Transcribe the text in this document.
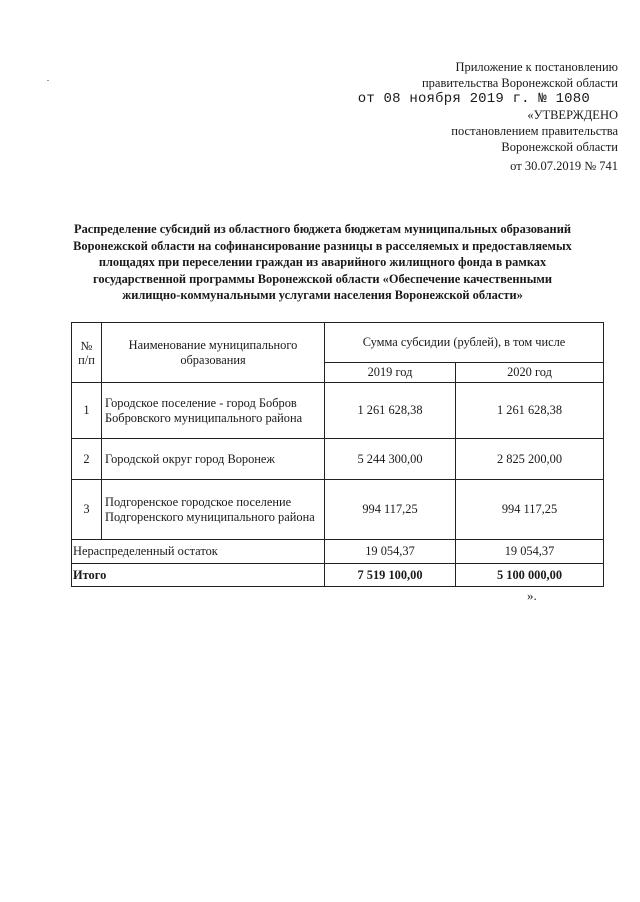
Приложение к постановлению
правительства Воронежской области
от 08 ноября 2019 г. № 1080
«УТВЕРЖДЕНО
постановлением правительства
Воронежской области
от 30.07.2019 № 741
Распределение субсидий из областного бюджета бюджетам муниципальных образований Воронежской области на софинансирование разницы в расселяемых и предоставляемых площадях при переселении граждан из аварийного жилищного фонда в рамках государственной программы Воронежской области «Обеспечение качественными жилищно-коммунальными услугами населения Воронежской области»
№ п/п	Наименование муниципального образования	Сумма субсидии (рублей), в том числе	
		2019 год	2020 год
1	Городское поселение - город Бобров Бобровского муниципального района	1 261 628,38	1 261 628,38
2	Городской округ город Воронеж	5 244 300,00	2 825 200,00
3	Подгоренское городское поселение Подгоренского муниципального района	994 117,25	994 117,25
Нераспределенный остаток		19 054,37	19 054,37
Итого		7 519 100,00	5 100 000,00
».
